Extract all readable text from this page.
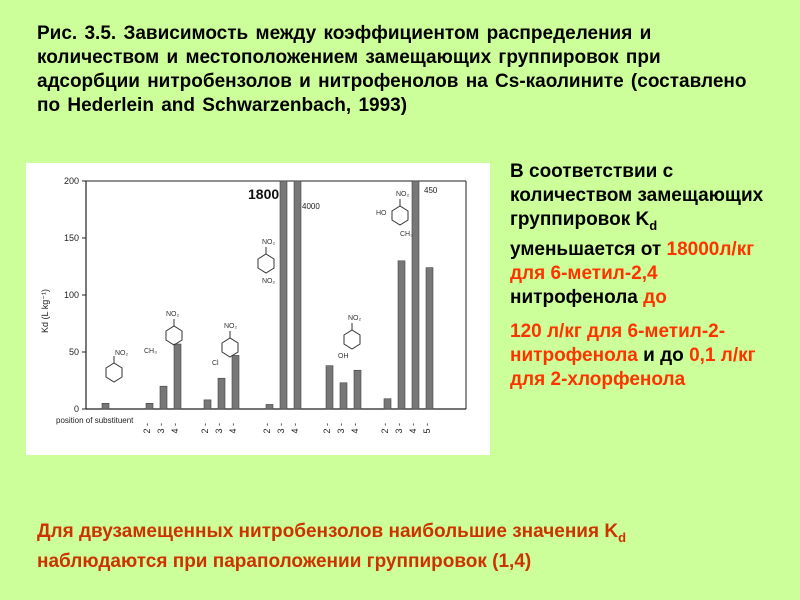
Рис. 3.5. Зависимость между коэффициентом распределения и количеством и местоположением замещающих группировок при адсорбции нитробензолов и нитрофенолов на Cs-каолините (составлено по Hederlein and Schwarzenbach, 1993)
0
50
100
150
200
2 - 3 - 4 - 2 - 3 - 4 -	2 - 3 - 4 - 2 - 3 - 4 - 2 - 3 - 4 - 5 -
Kd (L kg⁻¹)
position of substituent
1800
4000
450
NO₂
NO₂
CH₃
NO₂
Cl
NO₂
NO₂
NO₂
OH
NO₂
HO
CH₃

В соответствии с количеством замещающих группировок $K_d$ уменьшается от 18000л/кг для 6-метил-2,4 нитрофенола до

120 л/кг для 6-метил-2-нитрофенола и до 0,1 л/кг для 2-хлорфенола

Для двузамещенных нитробензолов наибольшие значения $K_d$
наблюдаются при параположении группировок (1,4)
